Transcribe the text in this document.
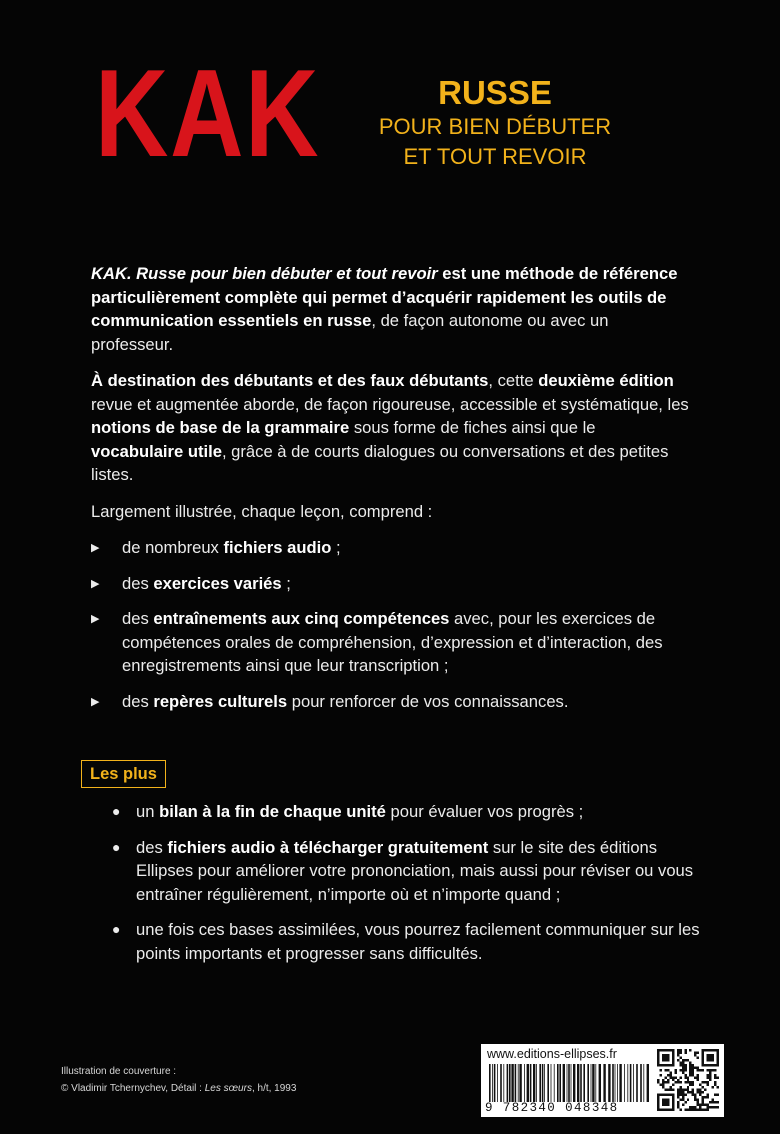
KAK	RUSSE
POUR BIEN DÉBUTER
ET TOUT REVOIR

KAK. Russe pour bien débuter et tout revoir est une méthode de référence particulièrement complète qui permet d’acquérir rapidement les outils de communication essentiels en russe, de façon autonome ou avec un professeur.

À destination des débutants et des faux débutants, cette deuxième édition revue et augmentée aborde, de façon rigoureuse, accessible et systématique, les notions de base de la grammaire sous forme de fiches ainsi que le vocabulaire utile, grâce à de courts dialogues ou conversations et des petites listes.

Largement illustrée, chaque leçon, comprend :

▶ de nombreux fichiers audio ;
▶ des exercices variés ;
▶ des entraînements aux cinq compétences avec, pour les exercices de compétences orales de compréhension, d’expression et d’interaction, des enregistrements ainsi que leur transcription ;
▶ des repères culturels pour renforcer de vos connaissances.
Les plus
● un bilan à la fin de chaque unité pour évaluer vos progrès ;
● des fichiers audio à télécharger gratuitement sur le site des éditions Ellipses pour améliorer votre prononciation, mais aussi pour réviser ou vous entraîner régulièrement, n’importe où et n’importe quand ;
● une fois ces bases assimilées, vous pourrez facilement communiquer sur les points importants et progresser sans difficultés.
Illustration de couverture :
© Vladimir Tchernychev, Détail : Les sœurs, h/t, 1993
www.editions-ellipses.fr
9 782340 048348
